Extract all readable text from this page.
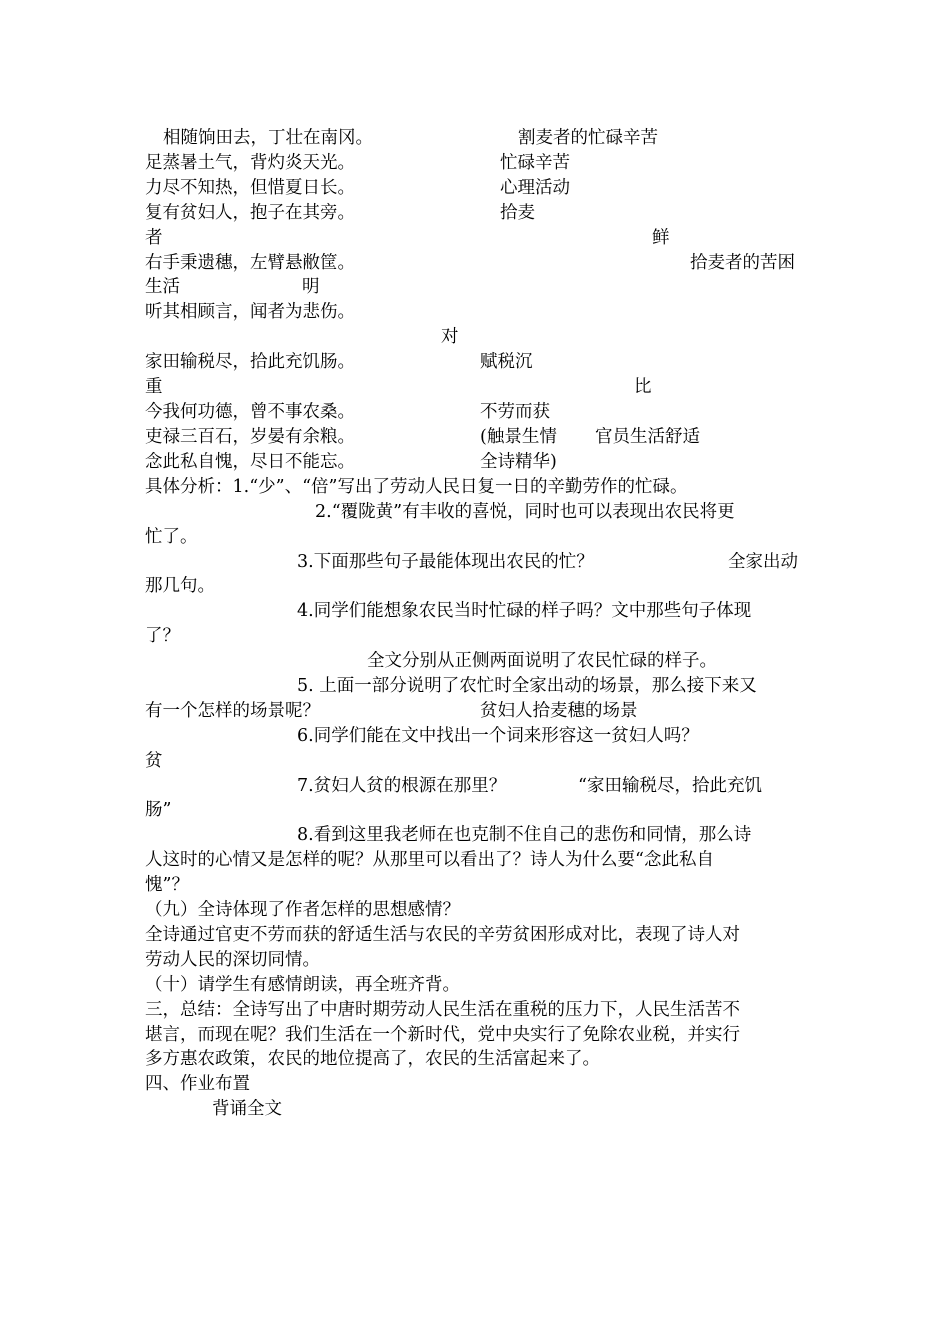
相随饷田去，丁壮在南冈。	割麦者的忙碌辛苦
足蒸暑土气，背灼炎天光。	忙碌辛苦
力尽不知热，但惜夏日长。	心理活动
复有贫妇人，抱子在其旁。	拾麦
者	鲜
右手秉遗穗，左臂悬敝筐。	拾麦者的苦困
生活	明
听其相顾言，闻者为悲伤。
对
家田输税尽，拾此充饥肠。	赋税沉
重	比
今我何功德，曾不事农桑。	不劳而获
吏禄三百石，岁晏有余粮。	(触景生情 官员生活舒适
念此私自愧，尽日不能忘。	全诗精华)
具体分析：1.“少”、“倍”写出了劳动人民日复一日的辛勤劳作的忙碌。
2.“覆陇黄”有丰收的喜悦，同时也可以表现出农民将更
忙了。
3.下面那些句子最能体现出农民的忙？	全家出动
那几句。
4.同学们能想象农民当时忙碌的样子吗？文中那些句子体现
了？
全文分别从正侧两面说明了农民忙碌的样子。
5. 上面一部分说明了农忙时全家出动的场景，那么接下来又
有一个怎样的场景呢？	贫妇人拾麦穗的场景
6.同学们能在文中找出一个词来形容这一贫妇人吗？
贫
7.贫妇人贫的根源在那里？	“家田输税尽，拾此充饥
肠”
8.看到这里我老师在也克制不住自己的悲伤和同情，那么诗
人这时的心情又是怎样的呢？从那里可以看出了？诗人为什么要“念此私自
愧”？
（九）全诗体现了作者怎样的思想感情？
全诗通过官吏不劳而获的舒适生活与农民的辛劳贫困形成对比，表现了诗人对
劳动人民的深切同情。
（十）请学生有感情朗读，再全班齐背。
三，总结：全诗写出了中唐时期劳动人民生活在重税的压力下，人民生活苦不
堪言，而现在呢？我们生活在一个新时代，党中央实行了免除农业税，并实行
多方惠农政策，农民的地位提高了，农民的生活富起来了。
四、作业布置
背诵全文
